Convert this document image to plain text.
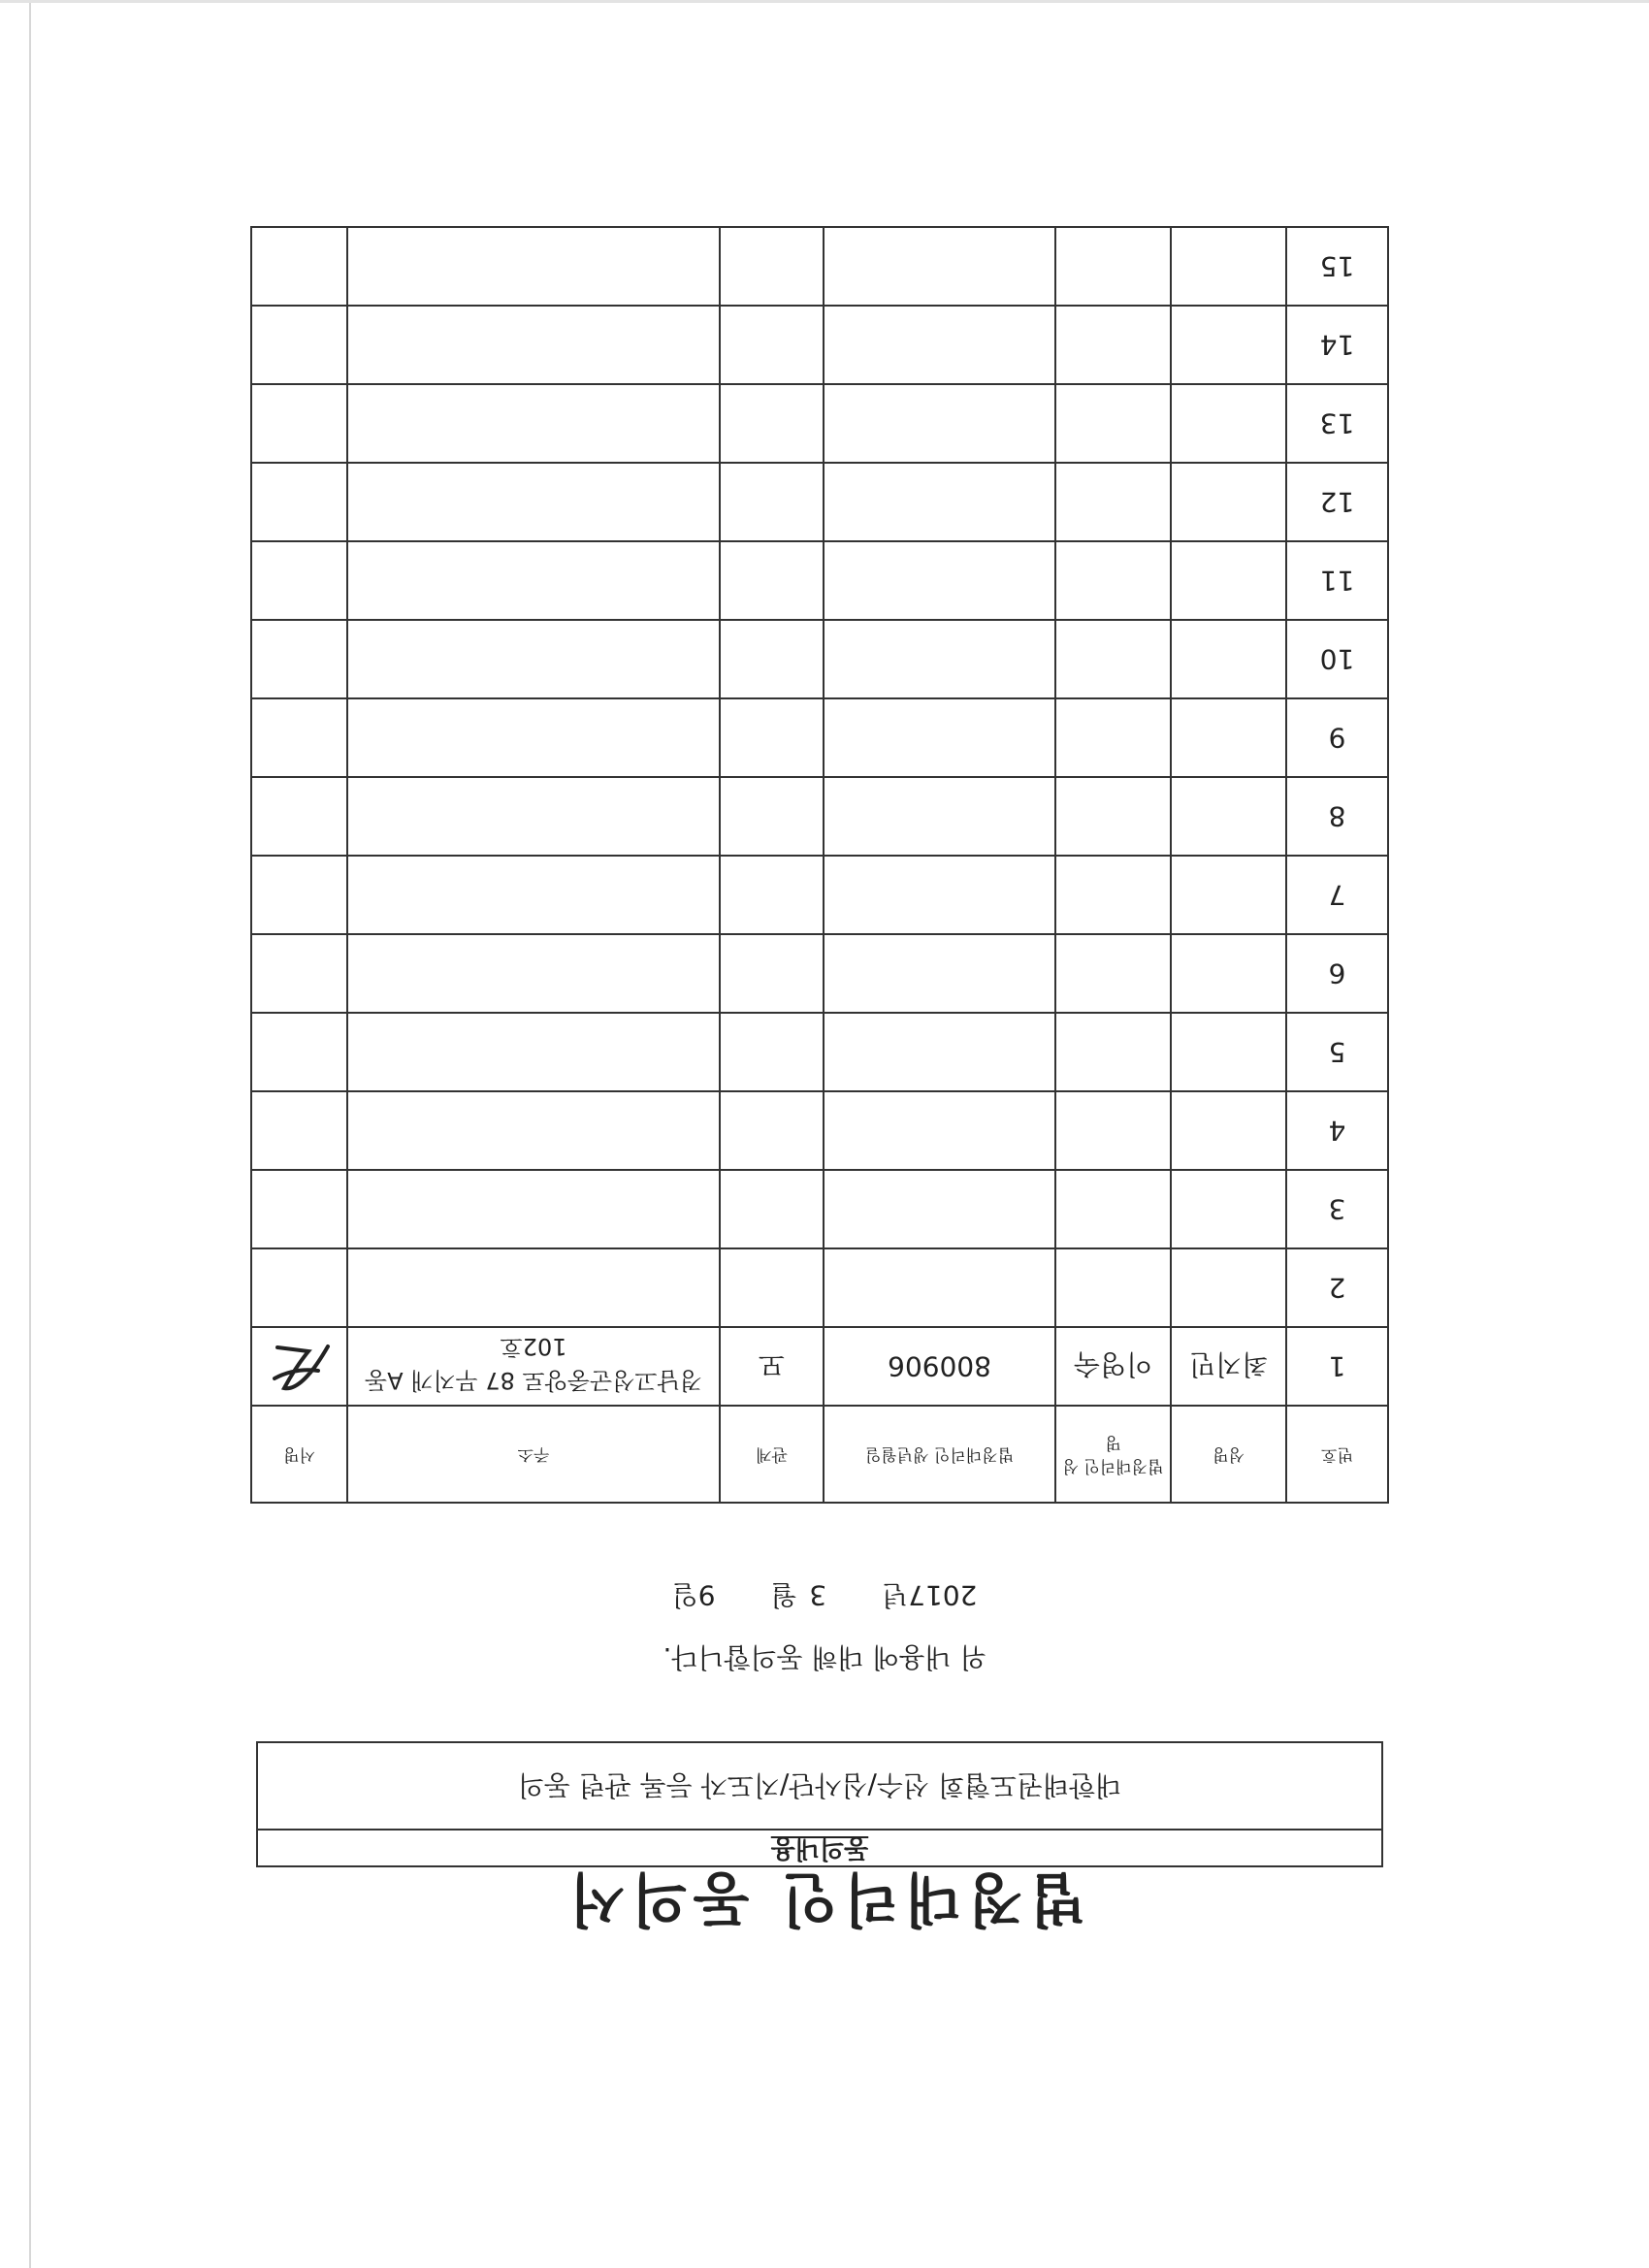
법정대리인 동의서
동의내용
대한태권도협회 선수/심사단/지도자 등록 관련 동의
위 내용에 대해 동의합니다.
2017년 3 월 9일
번호	성명	법정대리인 성명	법정대리인 생년월일	관계	주소	서명
1	최지민	이영숙	800906	모	경남고성군중앙로 87 무지개 A동 102호	

2						
3						
4						
5						
6						
7						
8						
9						
10						
11						
12						
13						
14						
15						
